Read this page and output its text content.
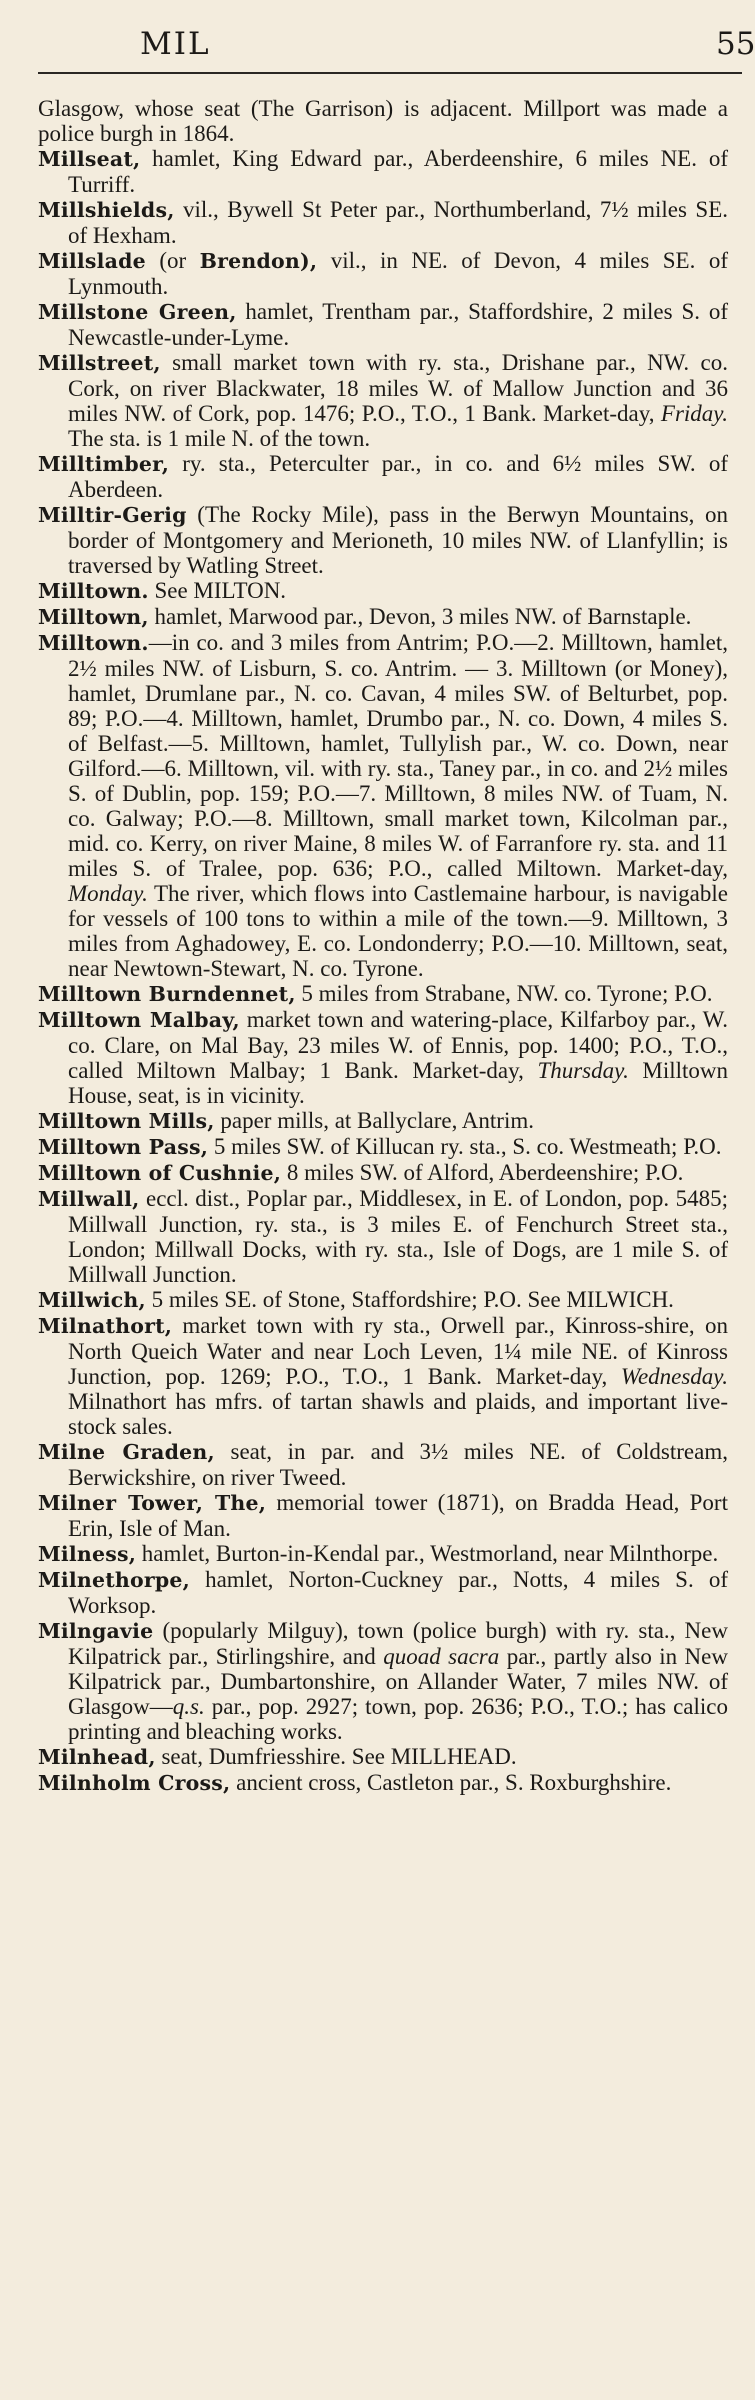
MIL	55

Glasgow, whose seat (The Garrison) is adjacent. Millport was made a police burgh in 1864.

Millseat, hamlet, King Edward par., Aberdeenshire, 6 miles NE. of Turriff.

Millshields, vil., Bywell St Peter par., Northumberland, 7½ miles SE. of Hexham.

Millslade (or Brendon), vil., in NE. of Devon, 4 miles SE. of Lynmouth.

Millstone Green, hamlet, Trentham par., Staffordshire, 2 miles S. of Newcastle-under-Lyme.

Millstreet, small market town with ry. sta., Drishane par., NW. co. Cork, on river Blackwater, 18 miles W. of Mallow Junction and 36 miles NW. of Cork, pop. 1476; P.O., T.O., 1 Bank. Market-day, Friday. The sta. is 1 mile N. of the town.

Milltimber, ry. sta., Peterculter par., in co. and 6½ miles SW. of Aberdeen.

Milltir-Gerig (The Rocky Mile), pass in the Berwyn Mountains, on border of Montgomery and Merioneth, 10 miles NW. of Llanfyllin; is traversed by Watling Street.

Milltown. See MILTON.

Milltown, hamlet, Marwood par., Devon, 3 miles NW. of Barnstaple.

Milltown.—in co. and 3 miles from Antrim; P.O.—2. Milltown, hamlet, 2½ miles NW. of Lisburn, S. co. Antrim. — 3. Milltown (or Money), hamlet, Drumlane par., N. co. Cavan, 4 miles SW. of Belturbet, pop. 89; P.O.—4. Milltown, hamlet, Drumbo par., N. co. Down, 4 miles S. of Belfast.—5. Milltown, hamlet, Tullylish par., W. co. Down, near Gilford.—6. Milltown, vil. with ry. sta., Taney par., in co. and 2½ miles S. of Dublin, pop. 159; P.O.—7. Milltown, 8 miles NW. of Tuam, N. co. Galway; P.O.—8. Milltown, small market town, Kilcolman par., mid. co. Kerry, on river Maine, 8 miles W. of Farranfore ry. sta. and 11 miles S. of Tralee, pop. 636; P.O., called Miltown. Market-day, Monday. The river, which flows into Castlemaine harbour, is navigable for vessels of 100 tons to within a mile of the town.—9. Milltown, 3 miles from Aghadowey, E. co. Londonderry; P.O.—10. Milltown, seat, near Newtown-Stewart, N. co. Tyrone.

Milltown Burndennet, 5 miles from Strabane, NW. co. Tyrone; P.O.

Milltown Malbay, market town and watering-place, Kilfarboy par., W. co. Clare, on Mal Bay, 23 miles W. of Ennis, pop. 1400; P.O., T.O., called Miltown Malbay; 1 Bank. Market-day, Thursday. Milltown House, seat, is in vicinity.

Milltown Mills, paper mills, at Ballyclare, Antrim.

Milltown Pass, 5 miles SW. of Killucan ry. sta., S. co. Westmeath; P.O.

Milltown of Cushnie, 8 miles SW. of Alford, Aberdeenshire; P.O.

Millwall, eccl. dist., Poplar par., Middlesex, in E. of London, pop. 5485; Millwall Junction, ry. sta., is 3 miles E. of Fenchurch Street sta., London; Millwall Docks, with ry. sta., Isle of Dogs, are 1 mile S. of Millwall Junction.

Millwich, 5 miles SE. of Stone, Staffordshire; P.O. See MILWICH.

Milnathort, market town with ry sta., Orwell par., Kinross-shire, on North Queich Water and near Loch Leven, 1¼ mile NE. of Kinross Junction, pop. 1269; P.O., T.O., 1 Bank. Market-day, Wednesday. Milnathort has mfrs. of tartan shawls and plaids, and important live-stock sales.

Milne Graden, seat, in par. and 3½ miles NE. of Coldstream, Berwickshire, on river Tweed.

Milner Tower, The, memorial tower (1871), on Bradda Head, Port Erin, Isle of Man.

Milness, hamlet, Burton-in-Kendal par., Westmorland, near Milnthorpe.

Milnethorpe, hamlet, Norton-Cuckney par., Notts, 4 miles S. of Worksop.

Milngavie (popularly Milguy), town (police burgh) with ry. sta., New Kilpatrick par., Stirlingshire, and quoad sacra par., partly also in New Kilpatrick par., Dumbartonshire, on Allander Water, 7 miles NW. of Glasgow—q.s. par., pop. 2927; town, pop. 2636; P.O., T.O.; has calico printing and bleaching works.

Milnhead, seat, Dumfriesshire. See MILLHEAD.

Milnholm Cross, ancient cross, Castleton par., S. Roxburghshire.
